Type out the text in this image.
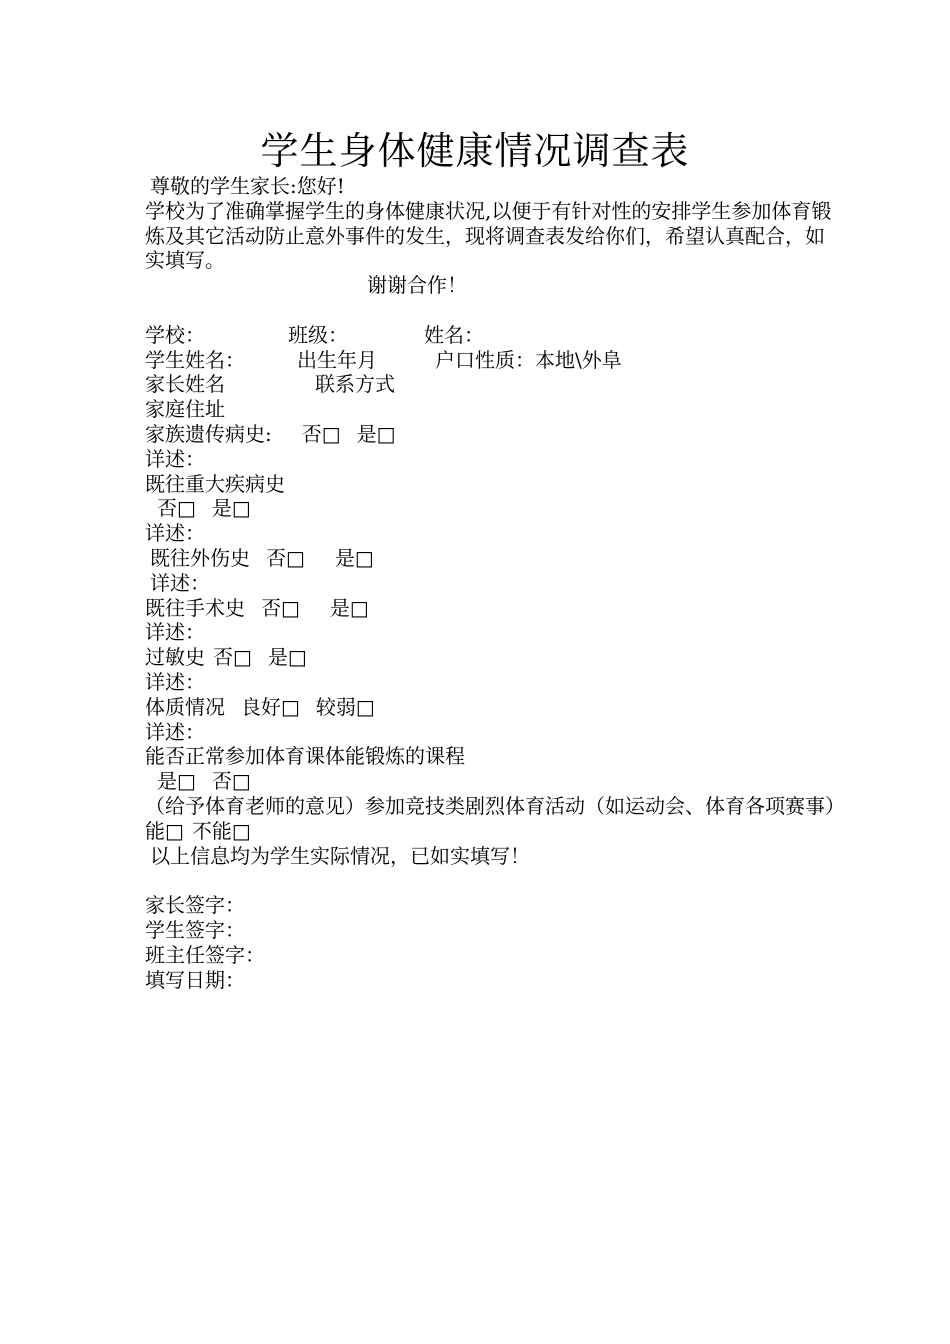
学生身体健康情况调查表
尊敬的学生家长:您好!
学校为了准确掌握学生的身体健康状况,以便于有针对性的安排学生参加体育锻炼及其它活动防止意外事件的发生，现将调查表发给你们，希望认真配合，如实填写。
谢谢合作！
学校：	班级：	姓名：
学生姓名：	出生年月	户口性质：本地\外阜
家长姓名	联系方式
家庭住址
家族遗传病史: 否□ 是□
详述：
既往重大疾病史
否□ 是□
详述：
既往外伤史 否□ 是□
详述：
既往手术史 否□ 是□
详述：
过敏史 否□ 是□
详述：
体质情况 良好□ 较弱□
详述：
能否正常参加体育课体能锻炼的课程
是□ 否□
（给予体育老师的意见）参加竞技类剧烈体育活动（如运动会、体育各项赛事）能□ 不能□
以上信息均为学生实际情况，已如实填写！
家长签字：
学生签字：
班主任签字：
填写日期：
